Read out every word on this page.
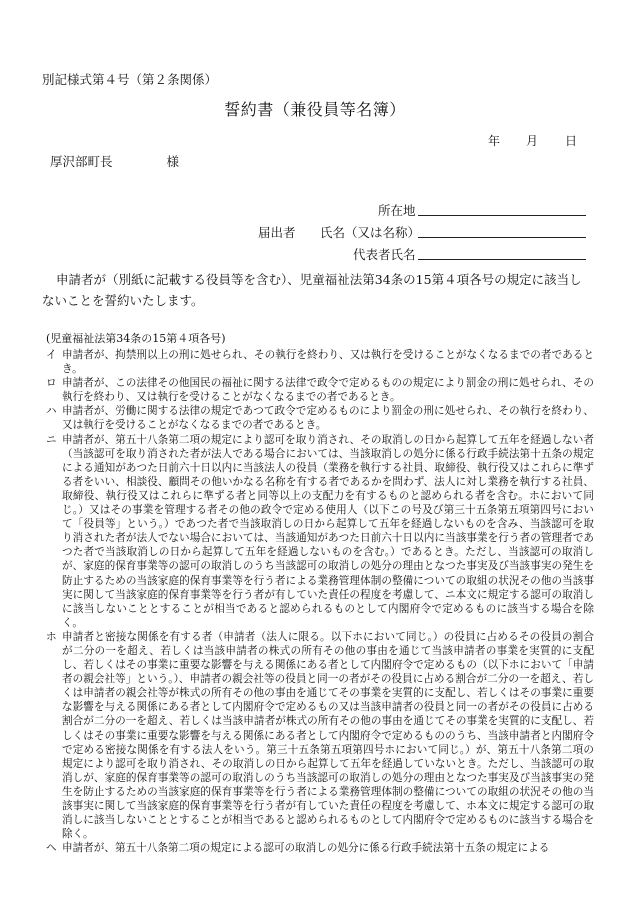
別記様式第４号（第２条関係）
誓約書（兼役員等名簿）
年 月 日
厚沢部町長	様
所在地
届出者 氏名（又は名称）
代表者氏名
申請者が（別紙に記載する役員等を含む）、児童福祉法第34条の15第４項各号の規定に該当しないことを誓約いたします。
(児童福祉法第34条の15第４項各号)
イ 申請者が、拘禁刑以上の刑に処せられ、その執行を終わり、又は執行を受けることがなくなるまでの者であるとき。
ロ 申請者が、この法律その他国民の福祉に関する法律で政令で定めるものの規定により罰金の刑に処せられ、その執行を終わり、又は執行を受けることがなくなるまでの者であるとき。
ハ 申請者が、労働に関する法律の規定であつて政令で定めるものにより罰金の刑に処せられ、その執行を終わり、又は執行を受けることがなくなるまでの者であるとき。
ニ 申請者が、第五十八条第二項の規定により認可を取り消され、その取消しの日から起算して五年を経過しない者（当該認可を取り消された者が法人である場合においては、当該取消しの処分に係る行政手続法第十五条の規定による通知があつた日前六十日以内に当該法人の役員（業務を執行する社員、取締役、執行役又はこれらに準ずる者をいい、相談役、顧問その他いかなる名称を有する者であるかを問わず、法人に対し業務を執行する社員、取締役、執行役又はこれらに準ずる者と同等以上の支配力を有するものと認められる者を含む。ホにおいて同じ。）又はその事業を管理する者その他の政令で定める使用人（以下この号及び第三十五条第五項第四号において「役員等」という。）であつた者で当該取消しの日から起算して五年を経過しないものを含み、当該認可を取り消された者が法人でない場合においては、当該通知があつた日前六十日以内に当該事業を行う者の管理者であつた者で当該取消しの日から起算して五年を経過しないものを含む。）であるとき。ただし、当該認可の取消しが、家庭的保育事業等の認可の取消しのうち当該認可の取消しの処分の理由となつた事実及び当該事実の発生を防止するための当該家庭的保育事業等を行う者による業務管理体制の整備についての取組の状況その他の当該事実に関して当該家庭的保育事業等を行う者が有していた責任の程度を考慮して、ニ本文に規定する認可の取消しに該当しないこととすることが相当であると認められるものとして内閣府令で定めるものに該当する場合を除く。
ホ 申請者と密接な関係を有する者（申請者（法人に限る。以下ホにおいて同じ。）の役員に占めるその役員の割合が二分の一を超え、若しくは当該申請者の株式の所有その他の事由を通じて当該申請者の事業を実質的に支配し、若しくはその事業に重要な影響を与える関係にある者として内閣府令で定めるもの（以下ホにおいて「申請者の親会社等」という。）、申請者の親会社等の役員と同一の者がその役員に占める割合が二分の一を超え、若しくは申請者の親会社等が株式の所有その他の事由を通じてその事業を実質的に支配し、若しくはその事業に重要な影響を与える関係にある者として内閣府令で定めるもの又は当該申請者の役員と同一の者がその役員に占める割合が二分の一を超え、若しくは当該申請者が株式の所有その他の事由を通じてその事業を実質的に支配し、若しくはその事業に重要な影響を与える関係にある者として内閣府令で定めるもののうち、当該申請者と内閣府令で定める密接な関係を有する法人をいう。第三十五条第五項第四号ホにおいて同じ。）が、第五十八条第二項の規定により認可を取り消され、その取消しの日から起算して五年を経過していないとき。ただし、当該認可の取消しが、家庭的保育事業等の認可の取消しのうち当該認可の取消しの処分の理由となつた事実及び当該事実の発生を防止するための当該家庭的保育事業等を行う者による業務管理体制の整備についての取組の状況その他の当該事実に関して当該家庭的保育事業等を行う者が有していた責任の程度を考慮して、ホ本文に規定する認可の取消しに該当しないこととすることが相当であると認められるものとして内閣府令で定めるものに該当する場合を除く。
ヘ 申請者が、第五十八条第二項の規定による認可の取消しの処分に係る行政手続法第十五条の規定による
